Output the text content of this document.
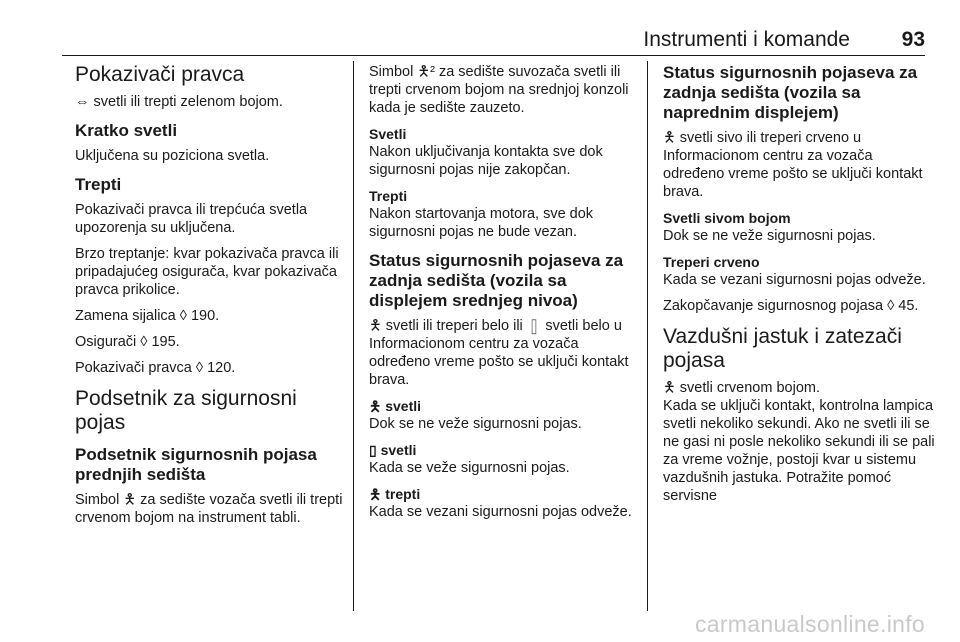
Instrumenti i komande 93
Pokazivači pravca

⇔ svetli ili trepti zelenom bojom.

Kratko svetli

Uključena su poziciona svetla.

Trepti

Pokazivači pravca ili trepćuća svetla upozorenja su uključena.

Brzo treptanje: kvar pokazivača pravca ili pripadajućeg osigurača, kvar pokazivača pravca prikolice.

Zamena sijalica ◊ 190.

Osigurači ◊ 195.

Pokazivači pravca ◊ 120.

Podsetnik za sigurnosni pojas
Podsetnik sigurnosnih pojasa prednjih sedišta

Simbol 🯅 za sedište vozača svetli ili trepti crvenom bojom na instrument tabli.

Simbol 🯅² za sedište suvozača svetli ili trepti crvenom bojom na srednjoj konzoli kada je sedište zauzeto.

Svetli
Nakon uključivanja kontakta sve dok sigurnosni pojas nije zakopčan.
Trepti
Nakon startovanja motora, sve dok sigurnosni pojas ne bude vezan.
Status sigurnosnih pojaseva za zadnja sedišta (vozila sa displejem srednjeg nivoa)

🯅 svetli ili treperi belo ili ▯ svetli belo u Informacionom centru za vozača određeno vreme pošto se uključi kontakt brava.

🯅 svetli
Dok se ne veže sigurnosni pojas.
▯ svetli
Kada se veže sigurnosni pojas.
🯅 trepti
Kada se vezani sigurnosni pojas odveže.
Status sigurnosnih pojaseva za zadnja sedišta (vozila sa naprednim displejem)

🯅 svetli sivo ili treperi crveno u Informacionom centru za vozača određeno vreme pošto se uključi kontakt brava.

Svetli sivom bojom
Dok se ne veže sigurnosni pojas.
Treperi crveno
Kada se vezani sigurnosni pojas odveže.

Zakopčavanje sigurnosnog pojasa ◊ 45.

Vazdušni jastuk i zatezači pojasa

🯅 svetli crvenom bojom.

Kada se uključi kontakt, kontrolna lampica svetli nekoliko sekundi. Ako ne svetli ili se ne gasi ni posle nekoliko sekundi ili se pali za vreme vožnje, postoji kvar u sistemu vazdušnih jastuka. Potražite pomoć servisne

carmanualsonline.info
